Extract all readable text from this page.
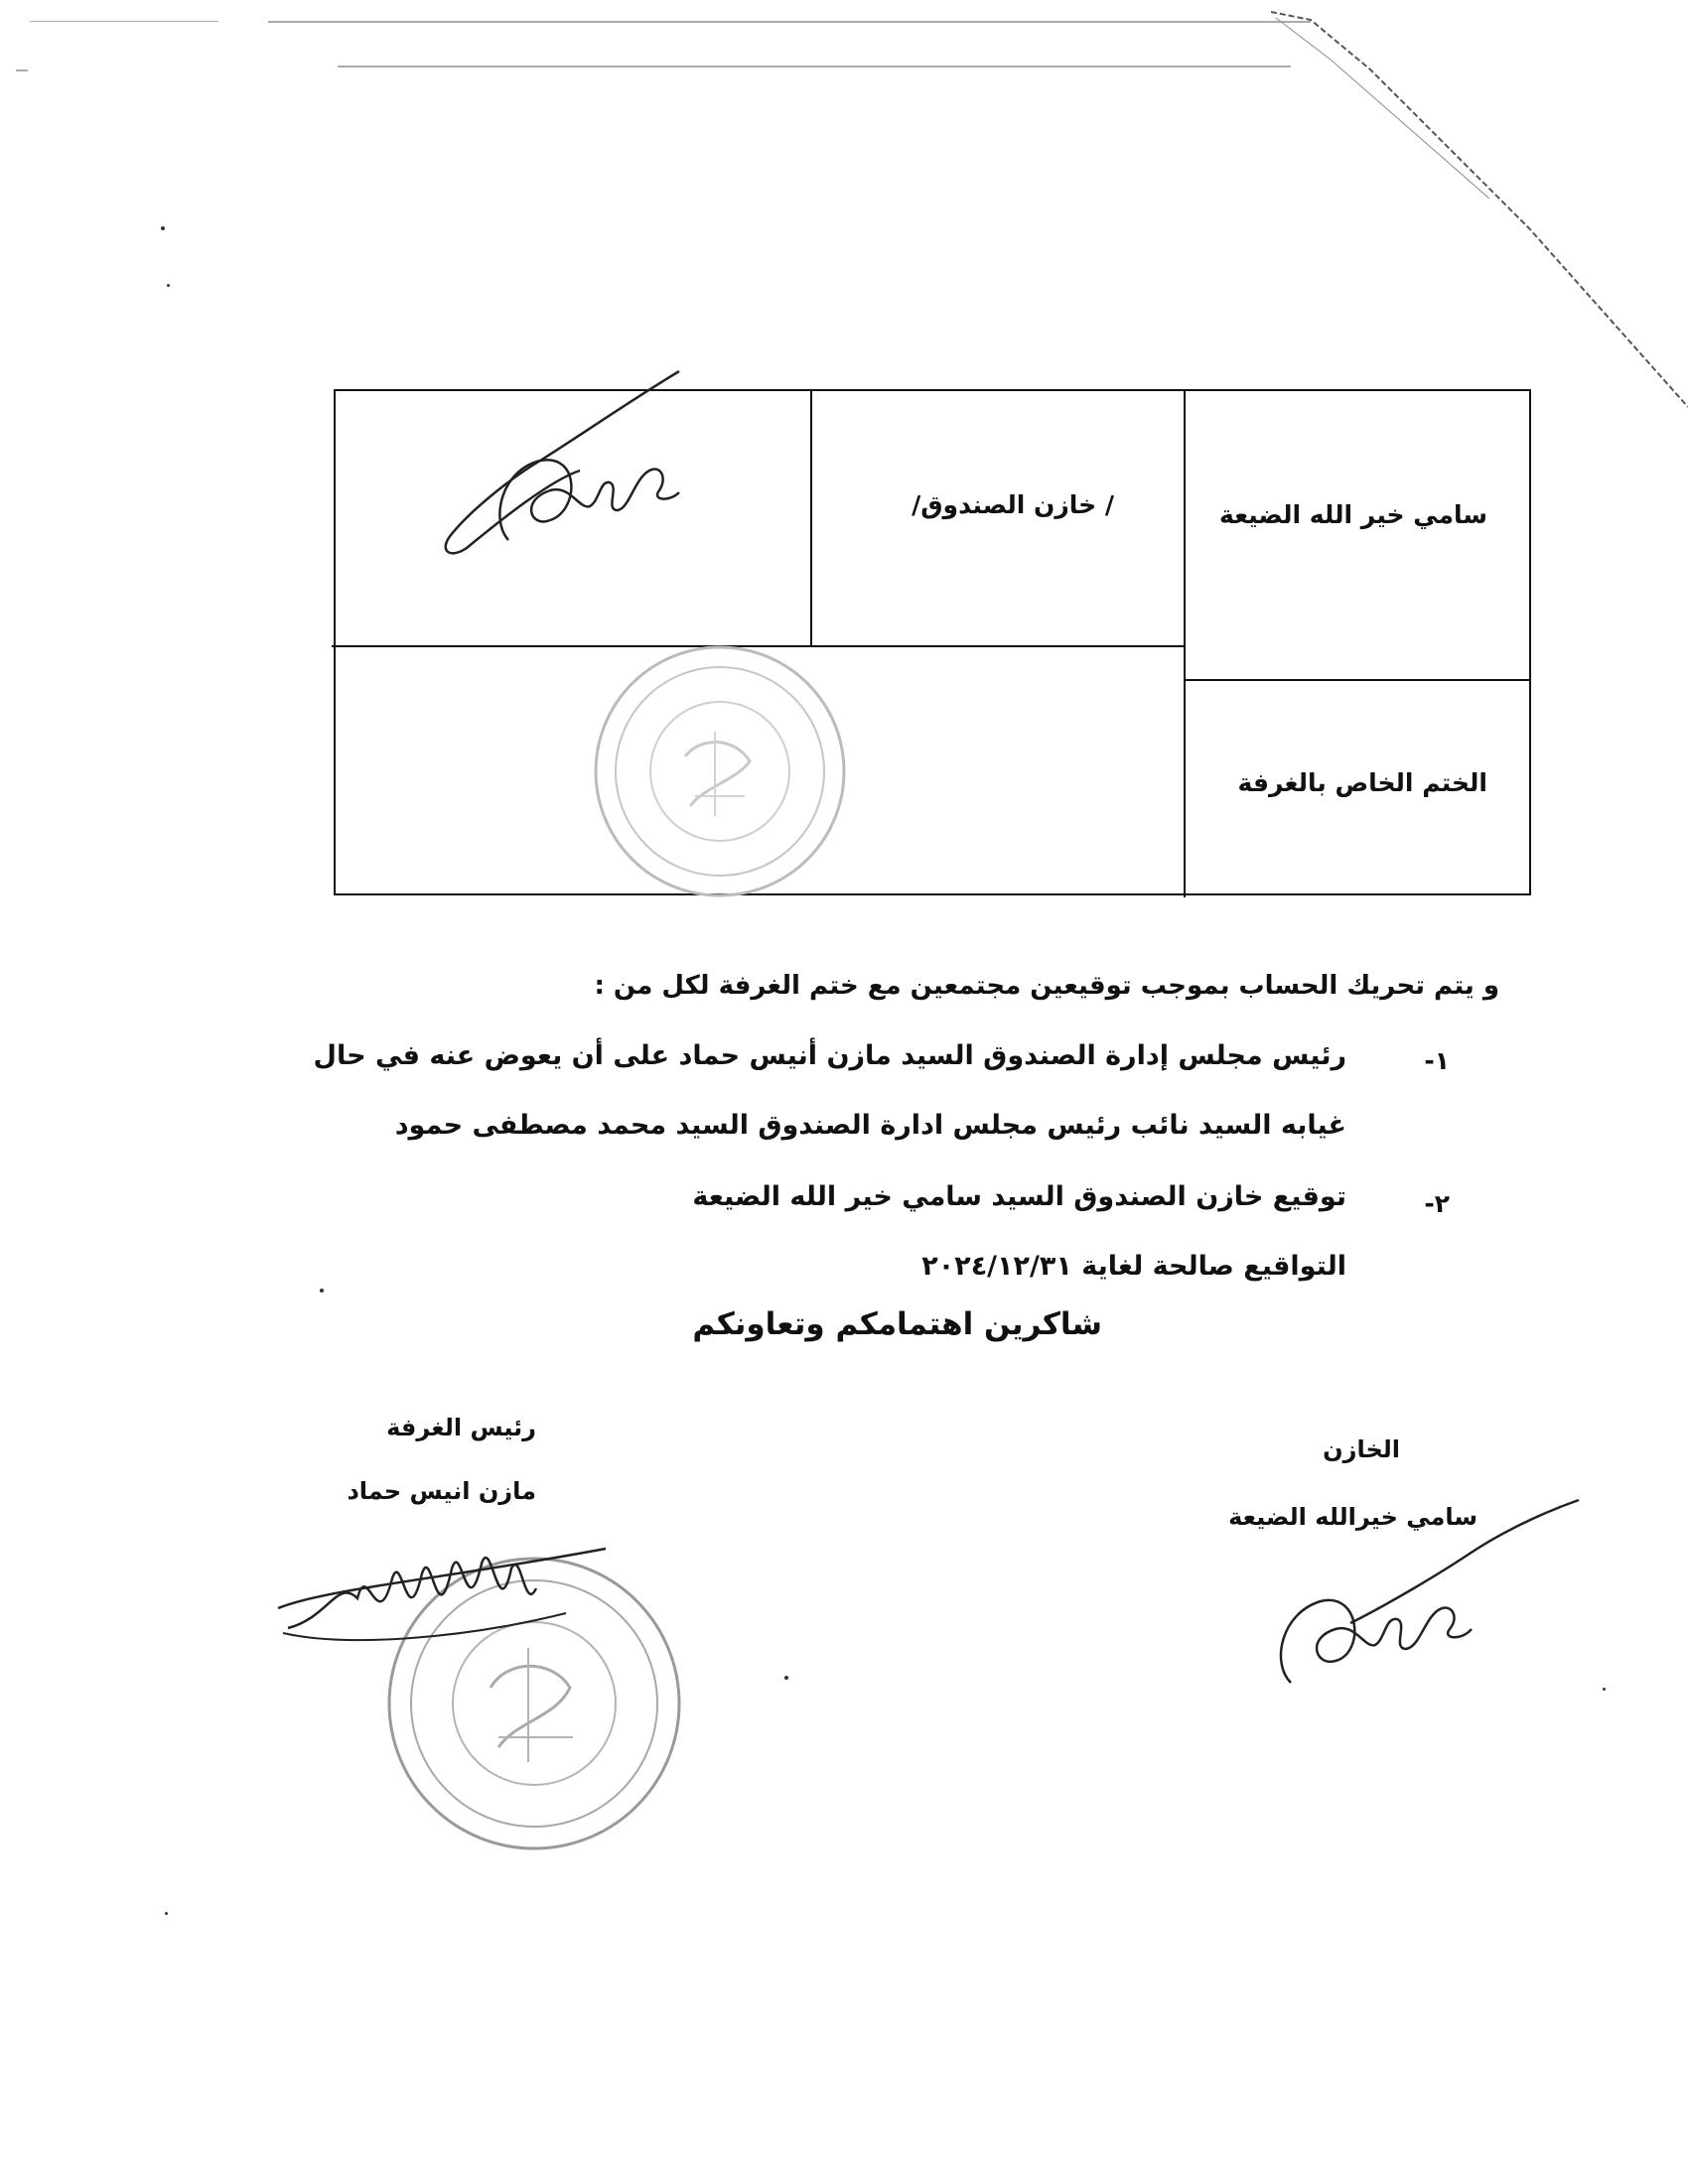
سامي خير الله الضيعة
/ خازن الصندوق/
الختم الخاص بالغرفة
و يتم تحريك الحساب بموجب توقيعين مجتمعين مع ختم الغرفة لكل من :
١-
رئيس مجلس إدارة الصندوق السيد مازن أنيس حماد على أن يعوض عنه في حال
غيابه السيد نائب رئيس مجلس ادارة الصندوق السيد محمد مصطفى حمود
٢-
توقيع خازن الصندوق السيد سامي خير الله الضيعة
التواقيع صالحة لغاية ٢٠٢٤/١٢/٣١
شاكرين اهتمامكم وتعاونكم
رئيس الغرفة
مازن انيس حماد
الخازن
سامي خيرالله الضيعة
